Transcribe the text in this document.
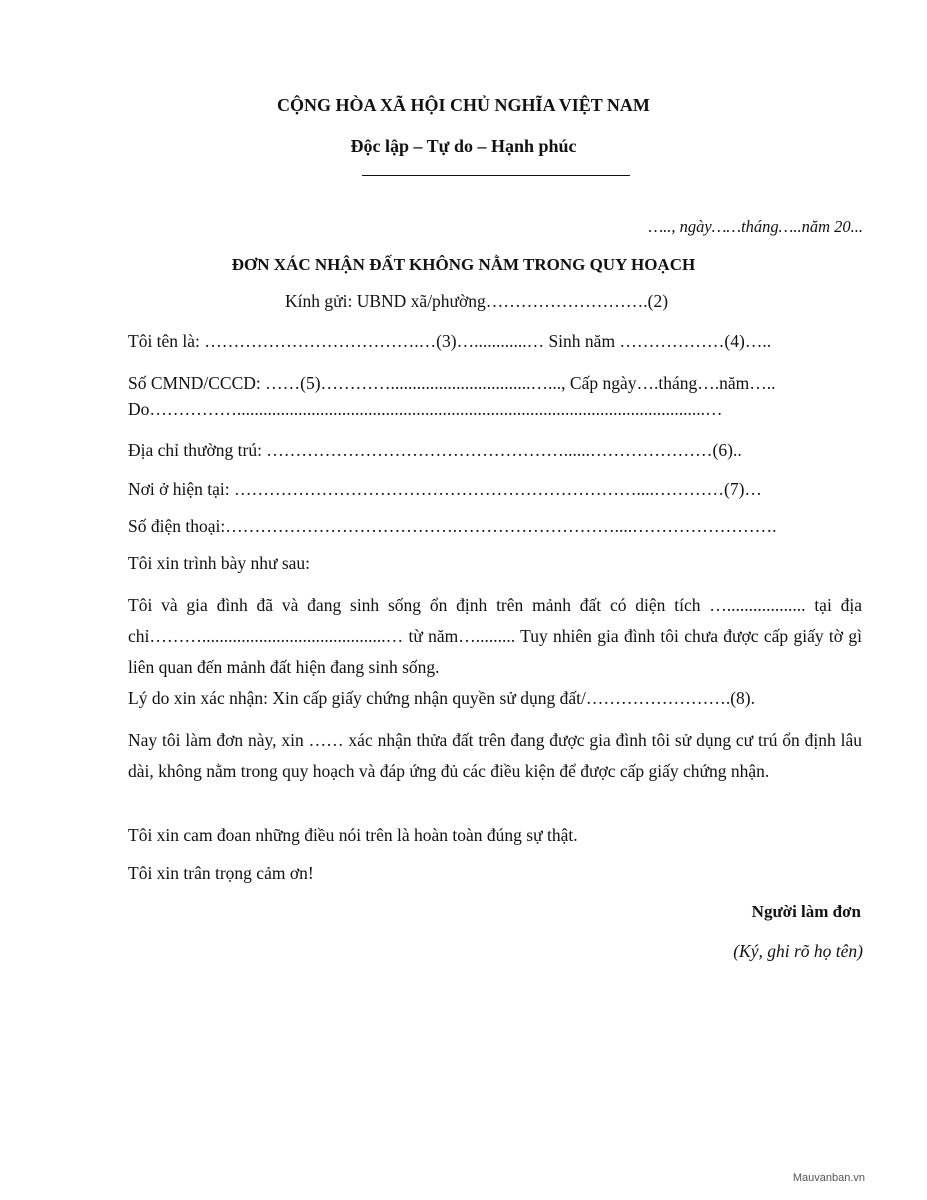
CỘNG HÒA XÃ HỘI CHỦ NGHĨA VIỆT NAM
Độc lập – Tự do – Hạnh phúc
….., ngày……tháng…..năm 20...
ĐƠN XÁC NHẬN ĐẤT KHÔNG NẰM TRONG QUY HOẠCH
Kính gửi: UBND xã/phường……………………….(2)
Tôi tên là: ……………………………….…(3)…............… Sinh năm ………………(4)…..
Số CMND/CCCD: ……(5)…………................................…..., Cấp ngày….tháng….năm…..
Do……………...........................................................................................................…
Địa chỉ thường trú: ……………………………………………......…………………(6)..
Nơi ở hiện tại: ……………………………………………………………....…………(7)…
Số điện thoại:………………………………….………………………....…………………….
Tôi xin trình bày như sau:
Tôi và gia đình đã và đang sinh sống ổn định trên mảnh đất có diện tích ….................. tại địa chỉ………..........................................… từ năm…......... Tuy nhiên gia đình tôi chưa được cấp giấy tờ gì liên quan đến mảnh đất hiện đang sinh sống.
Lý do xin xác nhận: Xin cấp giấy chứng nhận quyền sử dụng đất/…………………….(8).
Nay tôi làm đơn này, xin …… xác nhận thửa đất trên đang được gia đình tôi sử dụng cư trú ổn định lâu dài, không nằm trong quy hoạch và đáp ứng đủ các điều kiện để được cấp giấy chứng nhận.
Tôi xin cam đoan những điều nói trên là hoàn toàn đúng sự thật.
Tôi xin trân trọng cảm ơn!
Người làm đơn
(Ký, ghi rõ họ tên)
Mauvanban.vn
